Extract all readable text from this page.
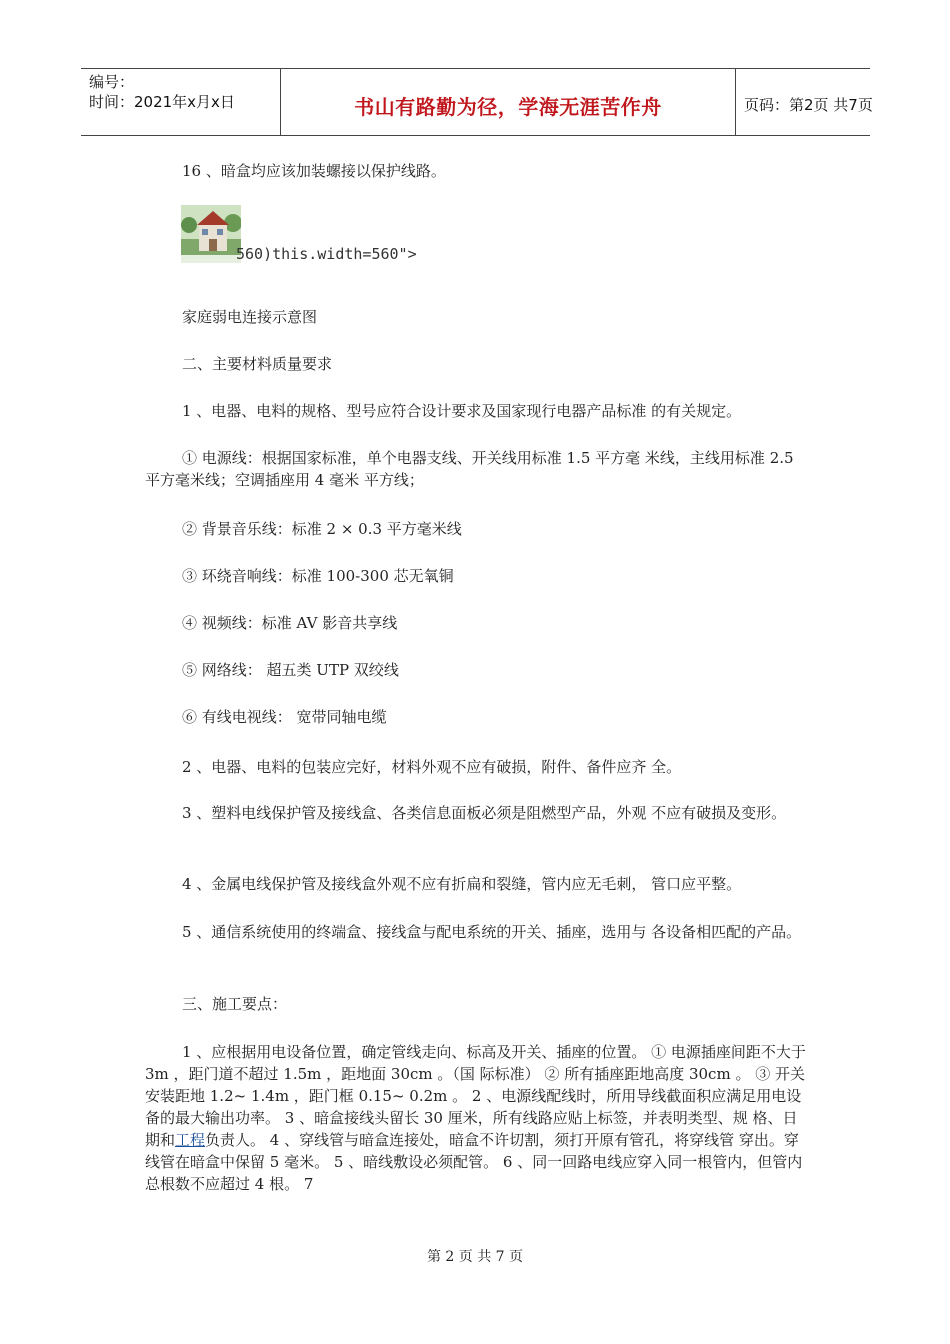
编号：
时间：2021年x月x日	书山有路勤为径，学海无涯苦作舟	页码：第2页 共7页
16 、暗盒均应该加装螺接以保护线路。
560)this.width=560">
家庭弱电连接示意图
二、主要材料质量要求
1 、电器、电料的规格、型号应符合设计要求及国家现行电器产品标准 的有关规定。
① 电源线：根据国家标准，单个电器支线、开关线用标准 1.5 平方毫 米线，主线用标准 2.5 平方毫米线；空调插座用 4 毫米 平方线；
② 背景音乐线：标准 2 × 0.3 平方毫米线
③ 环绕音响线：标准 100-300 芯无氧铜
④ 视频线：标准 AV 影音共享线
⑤ 网络线： 超五类 UTP 双绞线
⑥ 有线电视线： 宽带同轴电缆
2 、电器、电料的包装应完好，材料外观不应有破损，附件、备件应齐 全。
3 、塑料电线保护管及接线盒、各类信息面板必须是阻燃型产品，外观 不应有破损及变形。
4 、金属电线保护管及接线盒外观不应有折扁和裂缝，管内应无毛刺， 管口应平整。
5 、通信系统使用的终端盒、接线盒与配电系统的开关、插座，选用与 各设备相匹配的产品。
三、施工要点：
1 、应根据用电设备位置，确定管线走向、标高及开关、插座的位置。 ① 电源插座间距不大于 3m ，距门道不超过 1.5m ，距地面 30cm 。（国 际标准） ② 所有插座距地高度 30cm 。 ③ 开关安装距地 1.2~ 1.4m ，距门框 0.15~ 0.2m 。 2 、电源线配线时，所用导线截面积应满足用电设备的最大输出功率。 3 、暗盒接线头留长 30 厘米，所有线路应贴上标签，并表明类型、规 格、日期和工程负责人。 4 、穿线管与暗盒连接处，暗盒不许切割，须打开原有管孔，将穿线管 穿出。穿线管在暗盒中保留 5 毫米。 5 、暗线敷设必须配管。 6 、同一回路电线应穿入同一根管内，但管内总根数不应超过 4 根。 7
第 2 页 共 7 页
